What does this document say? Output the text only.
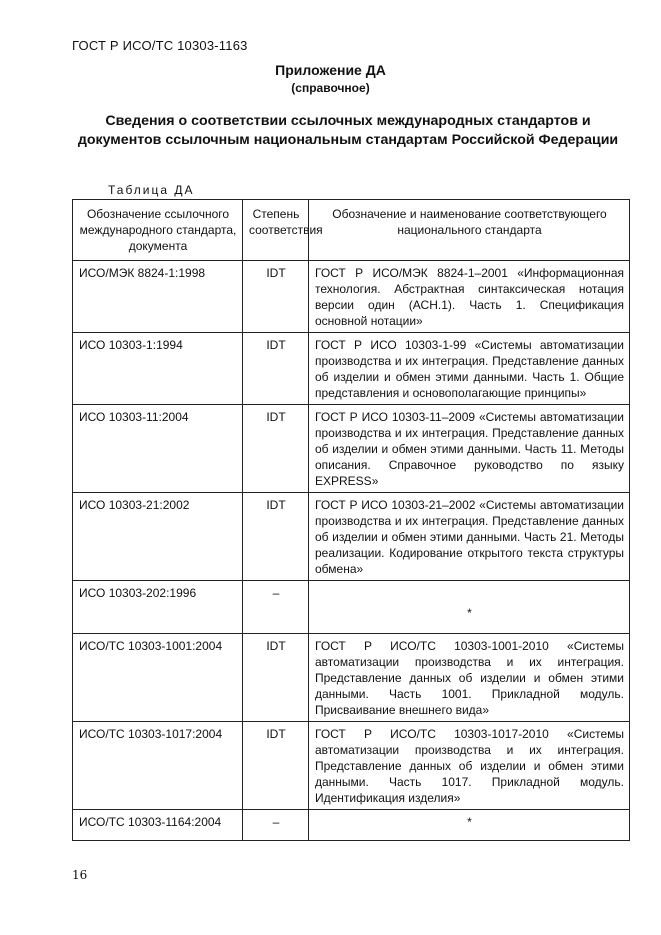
ГОСТ Р ИСО/ТС 10303-1163
Приложение ДА
(справочное)
Сведения о соответствии ссылочных международных стандартов и документов ссылочным национальным стандартам Российской Федерации
Таблица ДА
Обозначение ссылочного международного стандарта, документа	Степень соответствия	Обозначение и наименование соответствующего национального стандарта
ИСО/МЭК 8824-1:1998	IDT	ГОСТ Р ИСО/МЭК 8824-1–2001 «Информационная технология. Абстрактная синтаксическая нотация версии один (АСН.1). Часть 1. Спецификация основной нотации»
ИСО 10303-1:1994	IDT	ГОСТ Р ИСО 10303-1-99 «Системы автоматизации производства и их интеграция. Представление данных об изделии и обмен этими данными. Часть 1. Общие представления и основополагающие принципы»
ИСО 10303-11:2004	IDT	ГОСТ Р ИСО 10303-11–2009 «Системы автоматизации производства и их интеграция. Представление данных об изделии и обмен этими данными. Часть 11. Методы описания. Справочное руководство по языку EXPRESS»
ИСО 10303-21:2002	IDT	ГОСТ Р ИСО 10303-21–2002 «Системы автоматизации производства и их интеграция. Представление данных об изделии и обмен этими данными. Часть 21. Методы реализации. Кодирование открытого текста структуры обмена»
ИСО 10303-202:1996	–	*
ИСО/ТС 10303-1001:2004	IDT	ГОСТ Р ИСО/ТС 10303-1001-2010 «Системы автоматизации производства и их интеграция. Представление данных об изделии и обмен этими данными. Часть 1001. Прикладной модуль. Присваивание внешнего вида»
ИСО/ТС 10303-1017:2004	IDT	ГОСТ Р ИСО/ТС 10303-1017-2010 «Системы автоматизации производства и их интеграция. Представление данных об изделии и обмен этими данными. Часть 1017. Прикладной модуль. Идентификация изделия»
ИСО/ТС 10303-1164:2004	–	*
16
